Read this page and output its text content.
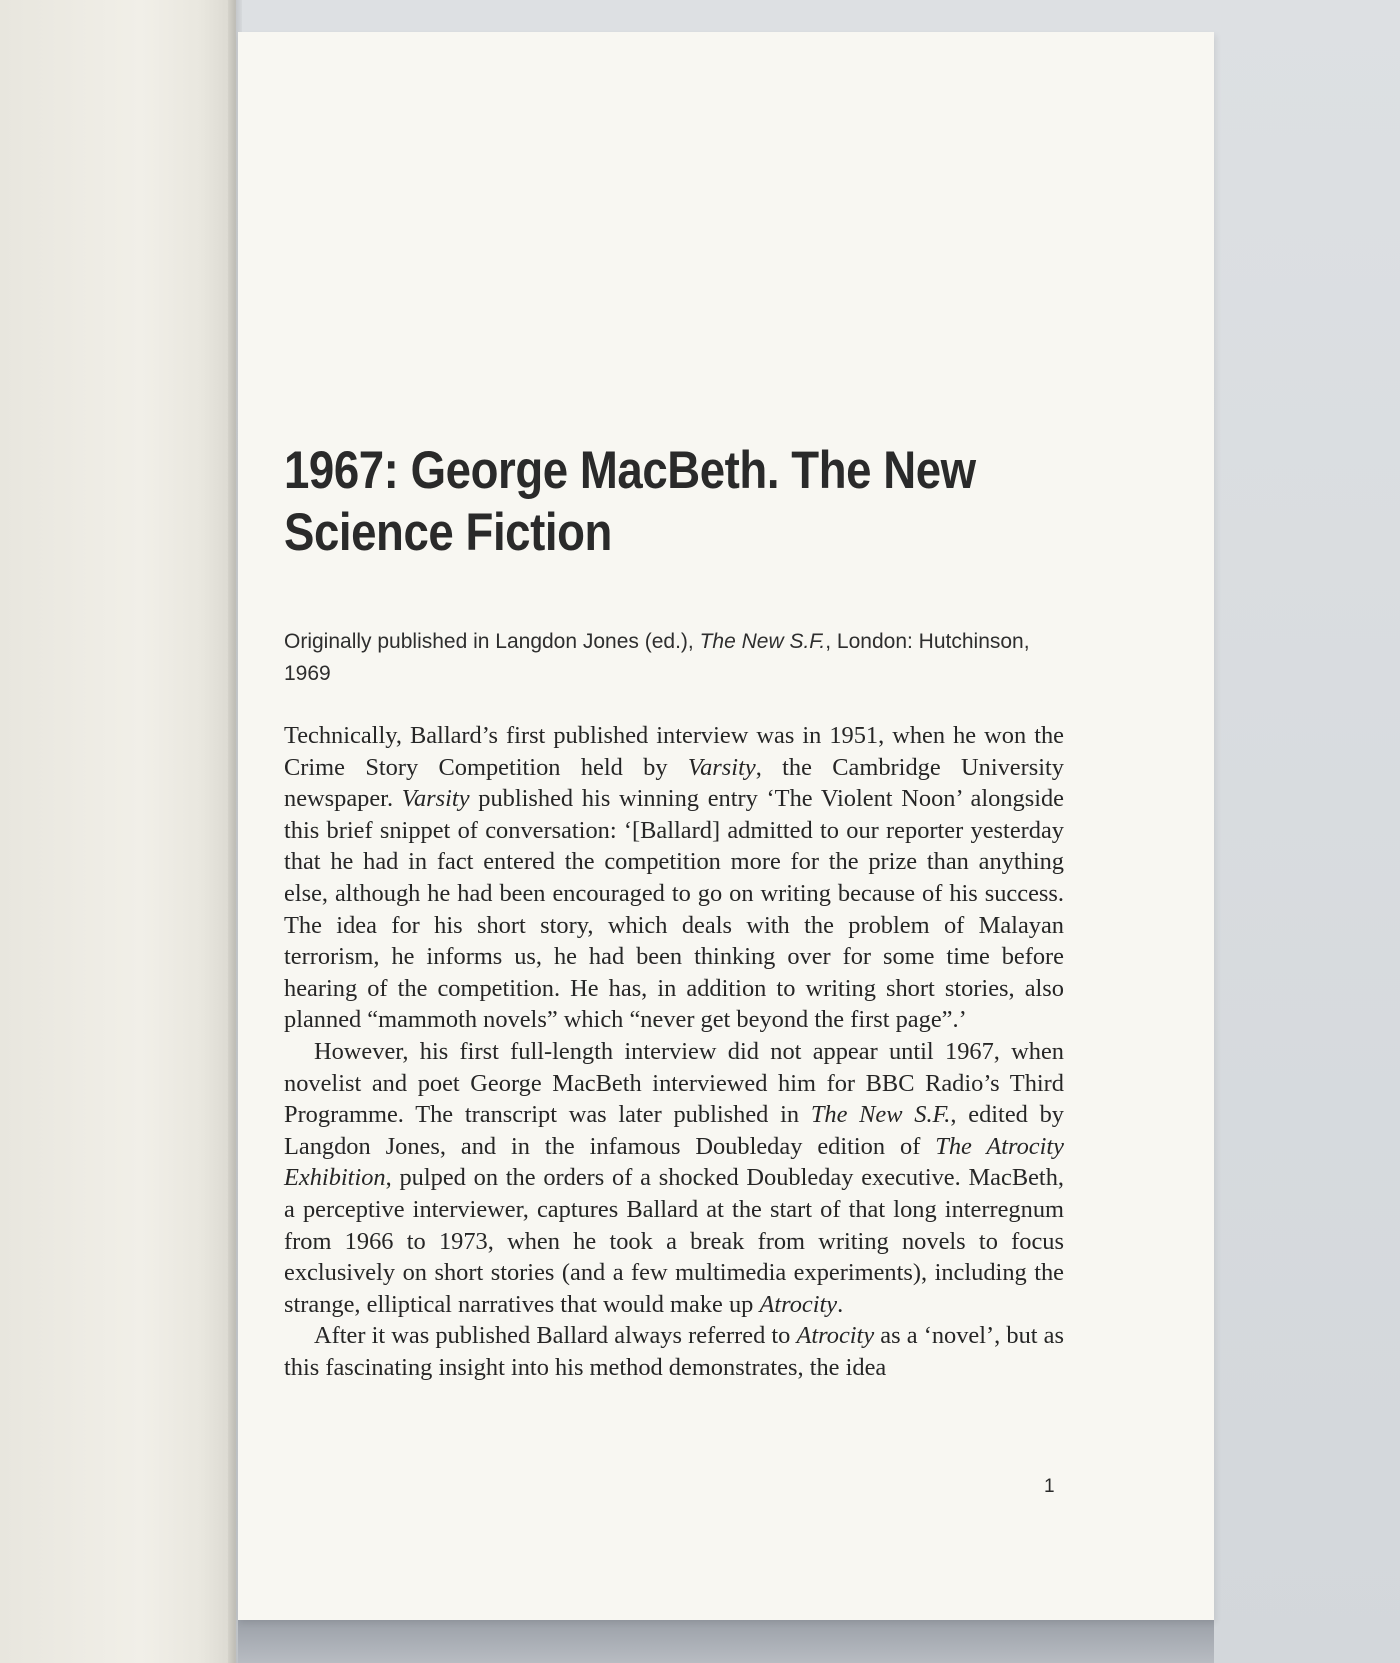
1967: George MacBeth. The New
Science Fiction

Originally published in Langdon Jones (ed.), The New S.F., London: Hutchinson, 1969

Technically, Ballard’s first published interview was in 1951, when he won the Crime Story Competition held by Varsity, the Cambridge University newspaper. Varsity published his winning entry ‘The Violent Noon’ alongside this brief snippet of conversation: ‘[Ballard] admitted to our reporter yesterday that he had in fact entered the competition more for the prize than anything else, although he had been encouraged to go on writing because of his success. The idea for his short story, which deals with the problem of Malayan terrorism, he informs us, he had been thinking over for some time before hearing of the competition. He has, in addition to writing short stories, also planned “mammoth novels” which “never get beyond the first page”.’

However, his first full-length interview did not appear until 1967, when novelist and poet George MacBeth interviewed him for BBC Radio’s Third Programme. The transcript was later published in The New S.F., edited by Langdon Jones, and in the infamous Doubleday edition of The Atrocity Exhibition, pulped on the orders of a shocked Doubleday executive. MacBeth, a perceptive interviewer, captures Ballard at the start of that long interregnum from 1966 to 1973, when he took a break from writing novels to focus exclusively on short stories (and a few multimedia experiments), including the strange, elliptical narratives that would make up Atrocity.

After it was published Ballard always referred to Atrocity as a ‘novel’, but as this fascinating insight into his method demonstrates, the idea

1
